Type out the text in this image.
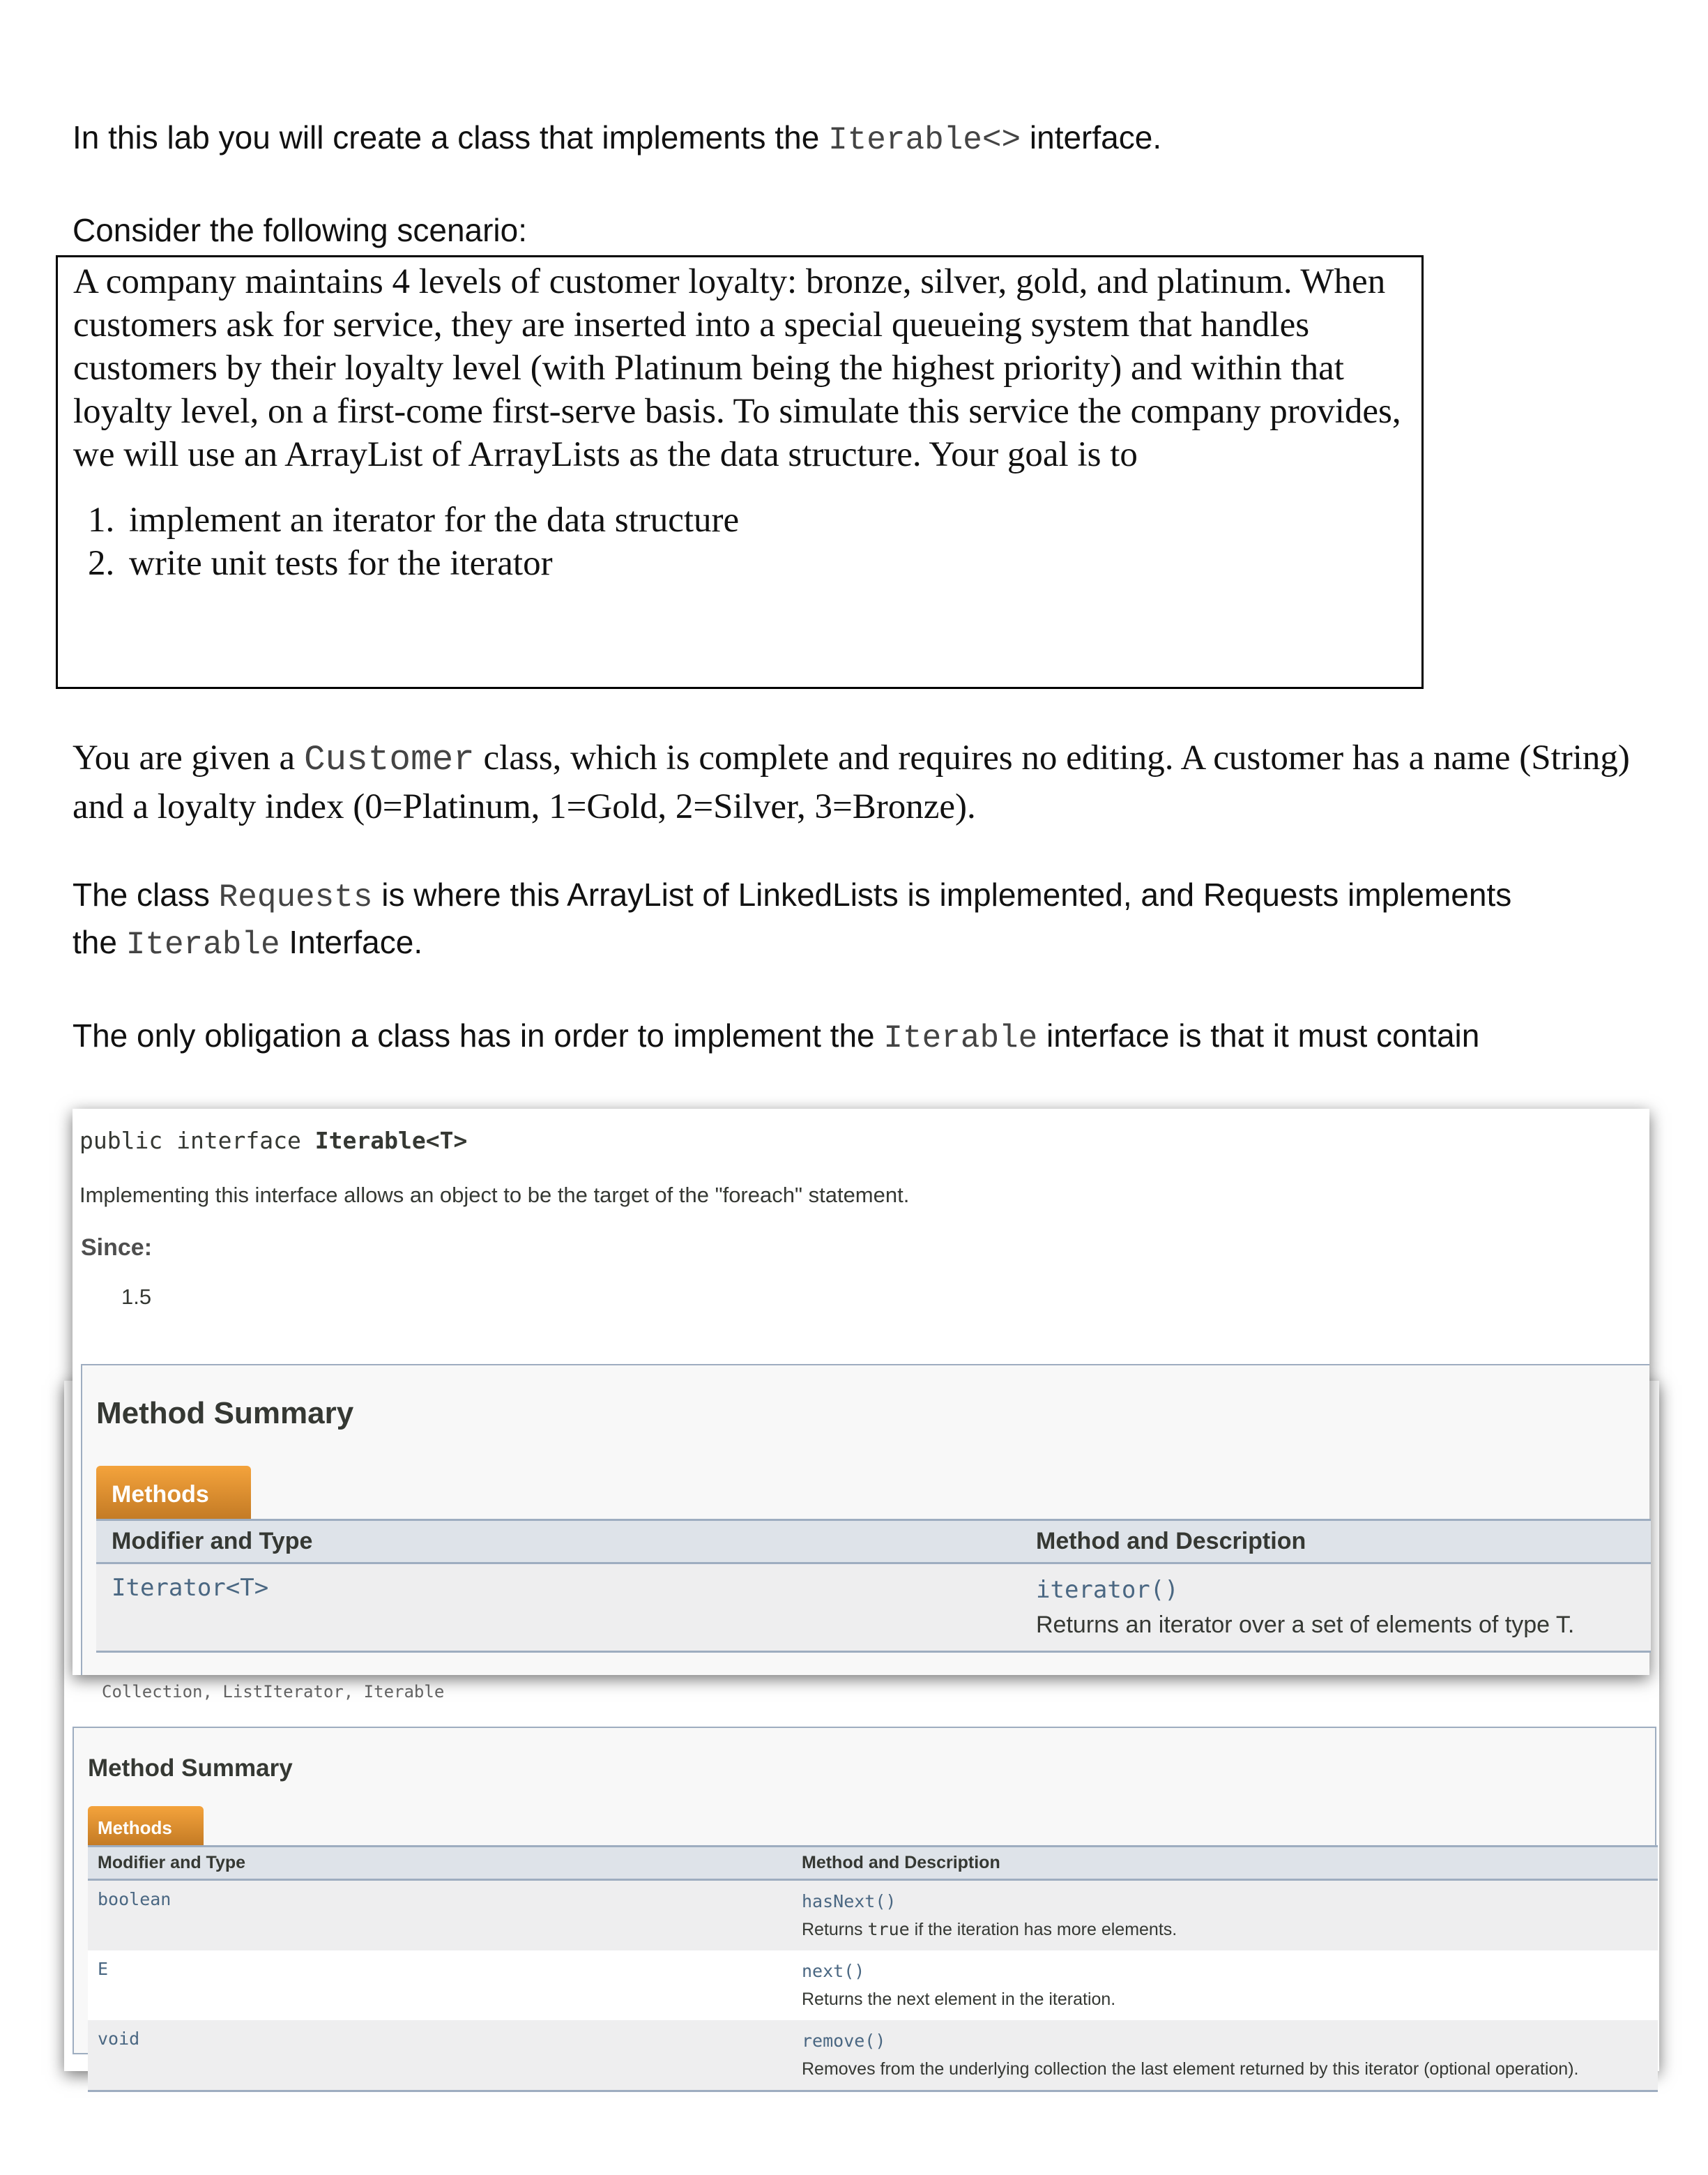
In this lab you will create a class that implements the Iterable<> interface.
Consider the following scenario:
A company maintains 4 levels of customer loyalty: bronze, silver, gold, and platinum. When customers ask for service, they are inserted into a special queueing system that handles customers by their loyalty level (with Platinum being the highest priority) and within that loyalty level, on a first-come first-serve basis. To simulate this service the company provides, we will use an ArrayList of ArrayLists as the data structure. Your goal is to
1. implement an iterator for the data structure
2. write unit tests for the iterator
You are given a Customer class, which is complete and requires no editing. A customer has a name (String) and a loyalty index (0=Platinum, 1=Gold, 2=Silver, 3=Bronze).
The class Requests is where this ArrayList of LinkedLists is implemented, and Requests implements
the Iterable Interface.
The only obligation a class has in order to implement the Iterable interface is that it must contain
Collection, ListIterator, Iterable
Method Summary
Methods
Modifier and Type	Method and Description
boolean	hasNext()
Returns true if the iteration has more elements.

E	next()
Returns the next element in the iteration.

void	remove()
Removes from the underlying collection the last element returned by this iterator (optional operation).
public interface Iterable<T>
Implementing this interface allows an object to be the target of the "foreach" statement.
Since:
1.5
Method Summary
Methods
Modifier and Type	Method and Description
Iterator<T>	iterator()
Returns an iterator over a set of elements of type T.
